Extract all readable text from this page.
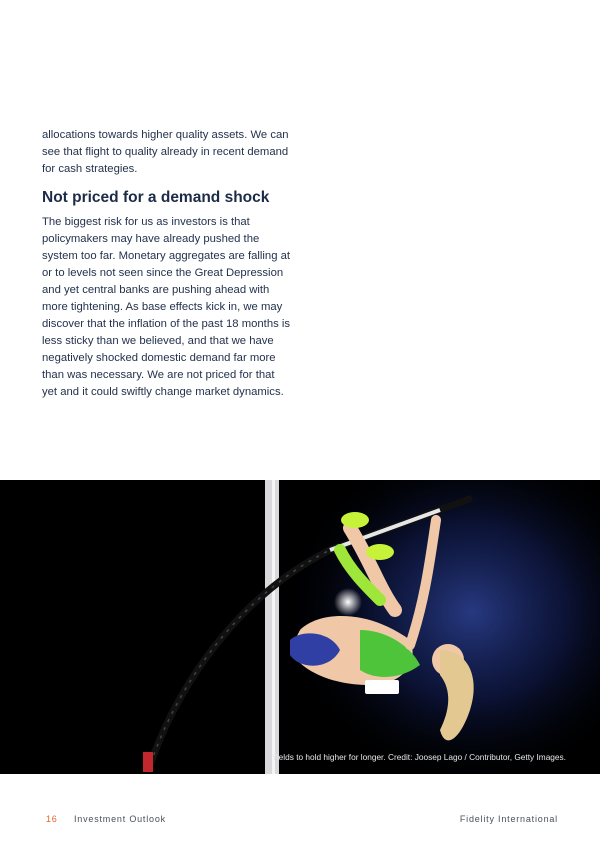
allocations towards higher quality assets. We can see that flight to quality already in recent demand for cash strategies.

Not priced for a demand shock

The biggest risk for us as investors is that policymakers may have already pushed the system too far. Monetary aggregates are falling at or to levels not seen since the Great Depression and yet central banks are pushing ahead with more tightening. As base effects kick in, we may discover that the inflation of the past 18 months is less sticky than we believed, and that we have negatively shocked domestic demand far more than was necessary. We are not priced for that yet and it could swiftly change market dynamics.

Yields to hold higher for longer. Credit: Joosep Lago / Contributor, Getty Images.
16 Investment Outlook	Fidelity International
